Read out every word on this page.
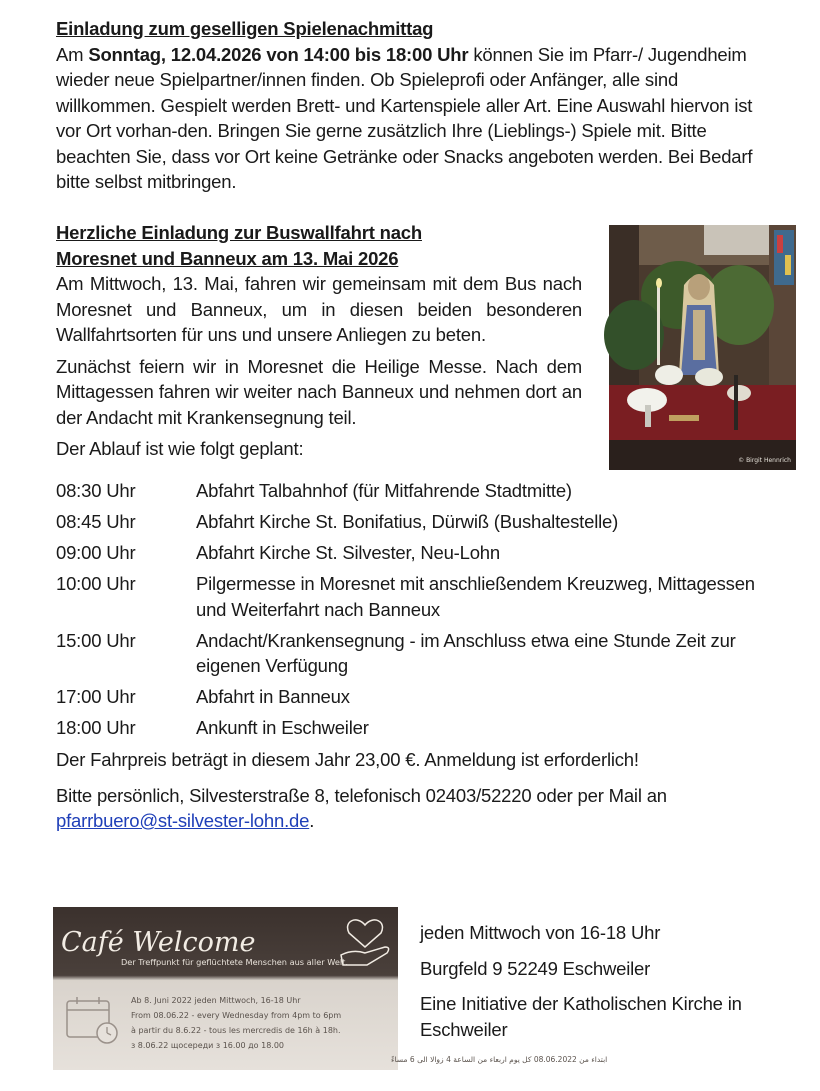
Einladung zum geselligen Spielenachmittag
Am Sonntag, 12.04.2026 von 14:00 bis 18:00 Uhr können Sie im Pfarr-/ Jugendheim wieder neue Spielpartner/innen finden. Ob Spieleprofi oder Anfänger, alle sind willkommen. Gespielt werden Brett- und Kartenspiele aller Art. Eine Auswahl hiervon ist vor Ort vorhan-den. Bringen Sie gerne zusätzlich Ihre (Lieblings-) Spiele mit. Bitte beachten Sie, dass vor Ort keine Getränke oder Snacks angeboten werden. Bei Bedarf bitte selbst mitbringen.
Herzliche Einladung zur Buswallfahrt nach
Moresnet und Banneux am 13. Mai 2026
Am Mittwoch, 13. Mai, fahren wir gemeinsam mit dem Bus nach Moresnet und Banneux, um in diesen beiden besonderen Wallfahrtsorten für uns und unsere Anliegen zu beten.
Zunächst feiern wir in Moresnet die Heilige Messe. Nach dem Mittagessen fahren wir weiter nach Banneux und nehmen dort an der Andacht mit Krankensegnung teil.
Der Ablauf ist wie folgt geplant:
© Birgit Hennrich
08:30 Uhr	Abfahrt Talbahnhof (für Mitfahrende Stadtmitte)
08:45 Uhr	Abfahrt Kirche St. Bonifatius, Dürwiß (Bushaltestelle)
09:00 Uhr	Abfahrt Kirche St. Silvester, Neu-Lohn
10:00 Uhr	Pilgermesse in Moresnet mit anschließendem Kreuzweg, Mittagessen und Weiterfahrt nach Banneux
15:00 Uhr	Andacht/Krankensegnung - im Anschluss etwa eine Stunde Zeit zur eigenen Verfügung
17:00 Uhr	Abfahrt in Banneux
18:00 Uhr	Ankunft in Eschweiler
Der Fahrpreis beträgt in diesem Jahr 23,00 €. Anmeldung ist erforderlich!
Bitte persönlich, Silvesterstraße 8, telefonisch 02403/52220 oder per Mail an
pfarrbuero@st-silvester-lohn.de.
Café Welcome
Der Treffpunkt für geflüchtete Menschen aus aller Welt.
Ab 8. Juni 2022 jeden Mittwoch, 16-18 Uhr
From 08.06.22 - every Wednesday from 4pm to 6pm
à partir du 8.6.22 - tous les mercredis de 16h à 18h.
з 8.06.22 щосереди з 16.00 до 18.00
ابتداء من 08.06.2022 كل يوم اربعاء من الساعة 4 زوالا الى 6 مساءً
jeden Mittwoch von 16-18 Uhr
Burgfeld 9 52249 Eschweiler
Eine Initiative der Katholischen Kirche in Eschweiler
